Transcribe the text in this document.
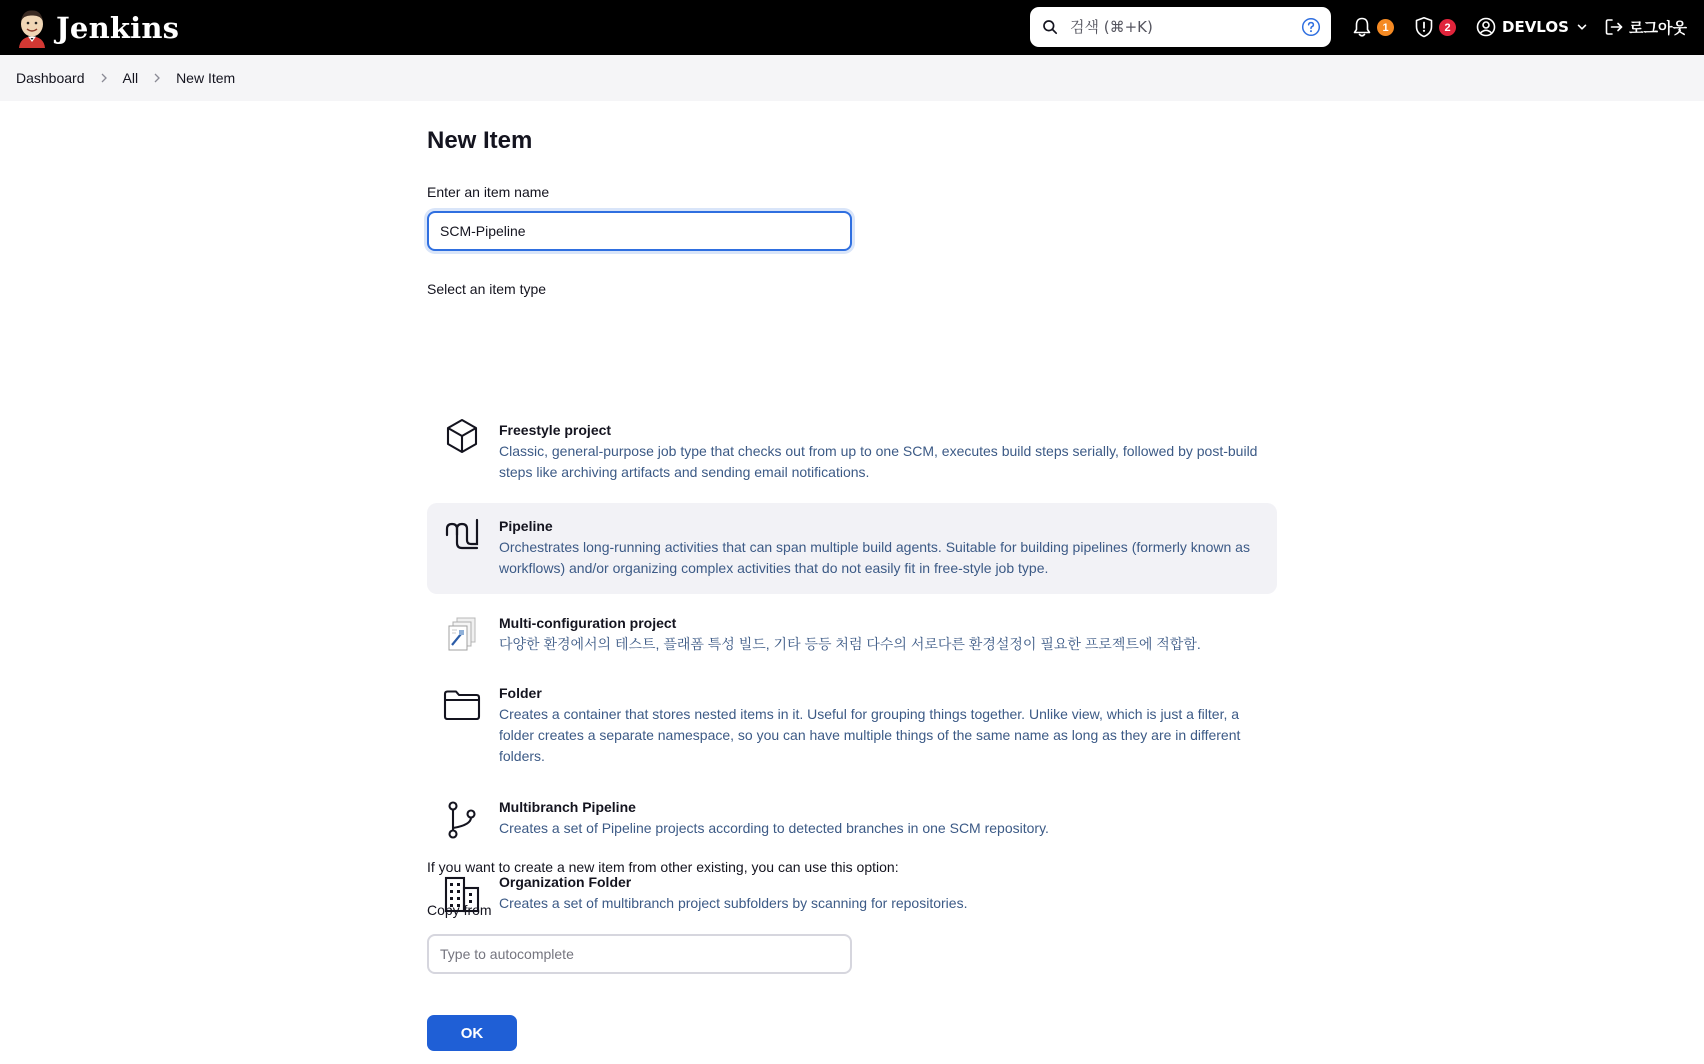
Jenkins
검색 (⌘+K)	1	2	DEVLOS	로그아웃
Dashboard	All	New Item
New Item
Enter an item name
SCM-Pipeline
Select an item type
Freestyle project
Classic, general-purpose job type that checks out from up to one SCM, executes build steps serially, followed by post-build steps like archiving artifacts and sending email notifications.
Pipeline
Orchestrates long-running activities that can span multiple build agents. Suitable for building pipelines (formerly known as workflows) and/or organizing complex activities that do not easily fit in free-style job type.
Multi-configuration project
다양한 환경에서의 테스트, 플래폼 특성 빌드, 기타 등등 처럼 다수의 서로다른 환경설정이 필요한 프로젝트에 적합함.
Folder
Creates a container that stores nested items in it. Useful for grouping things together. Unlike view, which is just a filter, a folder creates a separate namespace, so you can have multiple things of the same name as long as they are in different folders.
Multibranch Pipeline
Creates a set of Pipeline projects according to detected branches in one SCM repository.
Organization Folder
Creates a set of multibranch project subfolders by scanning for repositories.
If you want to create a new item from other existing, you can use this option:
Copy from
Type to autocomplete
OK
